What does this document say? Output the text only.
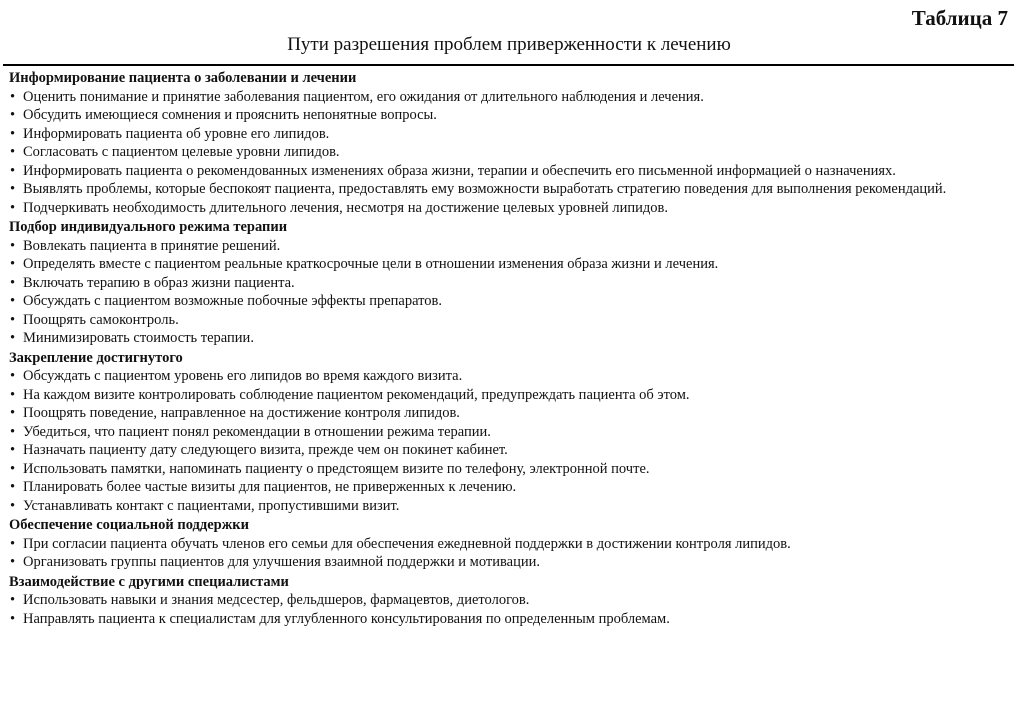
Таблица 7
Пути разрешения проблем приверженности к лечению

Информирование пациента о заболевании и лечении

• Оценить понимание и принятие заболевания пациентом, его ожидания от длительного наблюдения и лечения.

• Обсудить имеющиеся сомнения и прояснить непонятные вопросы.

• Информировать пациента об уровне его липидов.

• Согласовать с пациентом целевые уровни липидов.

• Информировать пациента о рекомендованных изменениях образа жизни, терапии и обеспечить его письменной информацией о назначениях.

• Выявлять проблемы, которые беспокоят пациента, предоставлять ему возможности выработать стратегию поведения для выполнения рекомендаций.

• Подчеркивать необходимость длительного лечения, несмотря на достижение целевых уровней липидов.

Подбор индивидуального режима терапии

• Вовлекать пациента в принятие решений.

• Определять вместе с пациентом реальные краткосрочные цели в отношении изменения образа жизни и лечения.

• Включать терапию в образ жизни пациента.

• Обсуждать с пациентом возможные побочные эффекты препаратов.

• Поощрять самоконтроль.

• Минимизировать стоимость терапии.

Закрепление достигнутого

• Обсуждать с пациентом уровень его липидов во время каждого визита.

• На каждом визите контролировать соблюдение пациентом рекомендаций, предупреждать пациента об этом.

• Поощрять поведение, направленное на достижение контроля липидов.

• Убедиться, что пациент понял рекомендации в отношении режима терапии.

• Назначать пациенту дату следующего визита, прежде чем он покинет кабинет.

• Использовать памятки, напоминать пациенту о предстоящем визите по телефону, электронной почте.

• Планировать более частые визиты для пациентов, не приверженных к лечению.

• Устанавливать контакт с пациентами, пропустившими визит.

Обеспечение социальной поддержки

• При согласии пациента обучать членов его семьи для обеспечения ежедневной поддержки в достижении контроля липидов.

• Организовать группы пациентов для улучшения взаимной поддержки и мотивации.

Взаимодействие с другими специалистами

• Использовать навыки и знания медсестер, фельдшеров, фармацевтов, диетологов.

• Направлять пациента к специалистам для углубленного консультирования по определенным проблемам.
